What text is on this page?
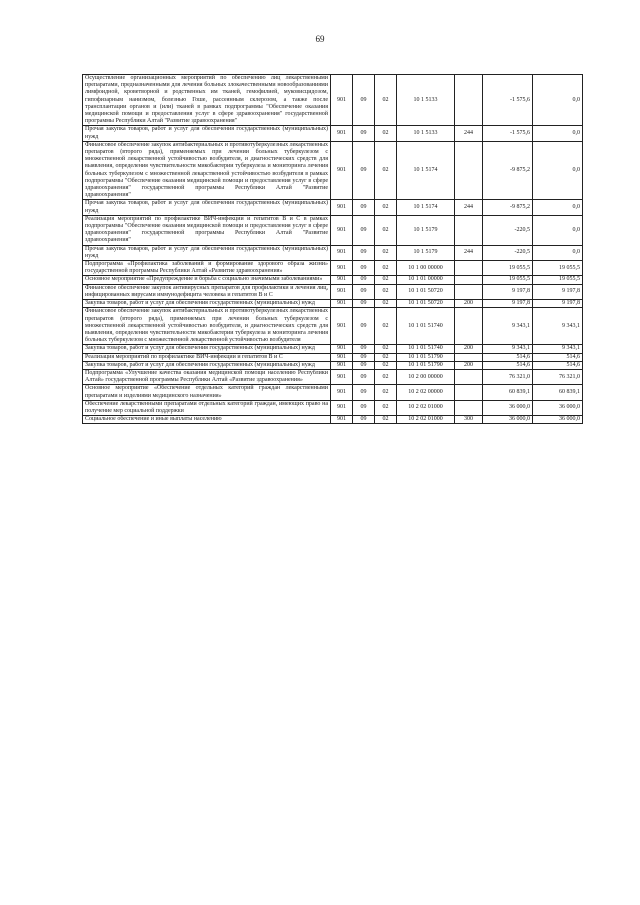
69
Осуществление организационных мероприятий по обеспечению лиц лекарственными препаратами, предназначенными для лечения больных злокачественными новообразованиями лимфоидной, кроветворной и родственных им тканей, гемофилией, муковисцидозом, гипофизарным нанизмом, болезнью Гоше, рассеянным склерозом, а также после трансплантации органов и (или) тканей в рамках подпрограммы "Обеспечение оказания медицинской помощи и предоставления услуг в сфере здравоохранения" государственной программы Республики Алтай "Развитие здравоохранения"	901	09	02	10 1 5133		-1 575,6	0,0
Прочая закупка товаров, работ и услуг для обеспечения государственных (муниципальных) нужд	901	09	02	10 1 5133	244	-1 575,6	0,0
Финансовое обеспечение закупок антибактериальных и противотуберкулезных лекарственных препаратов (второго ряда), применяемых при лечении больных туберкулезом с множественной лекарственной устойчивостью возбудителя, и диагностических средств для выявления, определения чувствительности микобактерии туберкулеза и мониторинга лечения больных туберкулезом с множественной лекарственной устойчивостью возбудителя в рамках подпрограммы "Обеспечение оказания медицинской помощи и предоставления услуг в сфере здравоохранения" государственной программы Республики Алтай "Развитие здравоохранения"	901	09	02	10 1 5174		-9 875,2	0,0
Прочая закупка товаров, работ и услуг для обеспечения государственных (муниципальных) нужд	901	09	02	10 1 5174	244	-9 875,2	0,0
Реализация мероприятий по профилактике ВИЧ-инфекции и гепатитов В и С в рамках подпрограммы "Обеспечение оказания медицинской помощи и предоставления услуг в сфере здравоохранения" государственной программы Республики Алтай "Развитие здравоохранения"	901	09	02	10 1 5179		-220,5	0,0
Прочая закупка товаров, работ и услуг для обеспечения государственных (муниципальных) нужд	901	09	02	10 1 5179	244	-220,5	0,0
Подпрограмма «Профилактика заболеваний и формирование здорового образа жизни» государственной программы Республики Алтай «Развитие здравоохранения»	901	09	02	10 1 00 00000		19 055,5	19 055,5
Основное мероприятие «Предупреждение и борьба с социально значимыми заболеваниями»	901	09	02	10 1 01 00000		19 055,5	19 055,5
Финансовое обеспечение закупок антивирусных препаратов для профилактики и лечения лиц, инфицированных вирусами иммунодефицита человека и гепатитов В и С	901	09	02	10 1 01 50720		9 197,8	9 197,8
Закупка товаров, работ и услуг для обеспечения государственных (муниципальных) нужд	901	09	02	10 1 01 50720	200	9 197,8	9 197,8
Финансовое обеспечение закупок антибактериальных и противотуберкулезных лекарственных препаратов (второго ряда), применяемых при лечении больных туберкулезом с множественной лекарственной устойчивостью возбудителя, и диагностических средств для выявления, определения чувствительности микобактерии туберкулеза и мониторинга лечения больных туберкулезом с множественной лекарственной устойчивостью возбудителя	901	09	02	10 1 01 51740		9 343,1	9 343,1
Закупка товаров, работ и услуг для обеспечения государственных (муниципальных) нужд	901	09	02	10 1 01 51740	200	9 343,1	9 343,1
Реализация мероприятий по профилактике ВИЧ-инфекции и гепатитов В и С	901	09	02	10 1 01 51790		514,6	514,6
Закупка товаров, работ и услуг для обеспечения государственных (муниципальных) нужд	901	09	02	10 1 01 51790	200	514,6	514,6
Подпрограмма «Улучшение качества оказания медицинской помощи населению Республики Алтай» государственной программы Республики Алтай «Развитие здравоохранения»	901	09	02	10 2 00 00000		76 321,0	76 321,0
Основное мероприятие «Обеспечение отдельных категорий граждан лекарственными препаратами и изделиями медицинского назначения»	901	09	02	10 2 02 00000		60 839,1	60 839,1
Обеспечение лекарственными препаратами отдельных категорий граждан, имеющих право на получение мер социальной поддержки	901	09	02	10 2 02 01000		36 000,0	36 000,0
Социальное обеспечение и иные выплаты населению	901	09	02	10 2 02 01000	300	36 000,0	36 000,0
